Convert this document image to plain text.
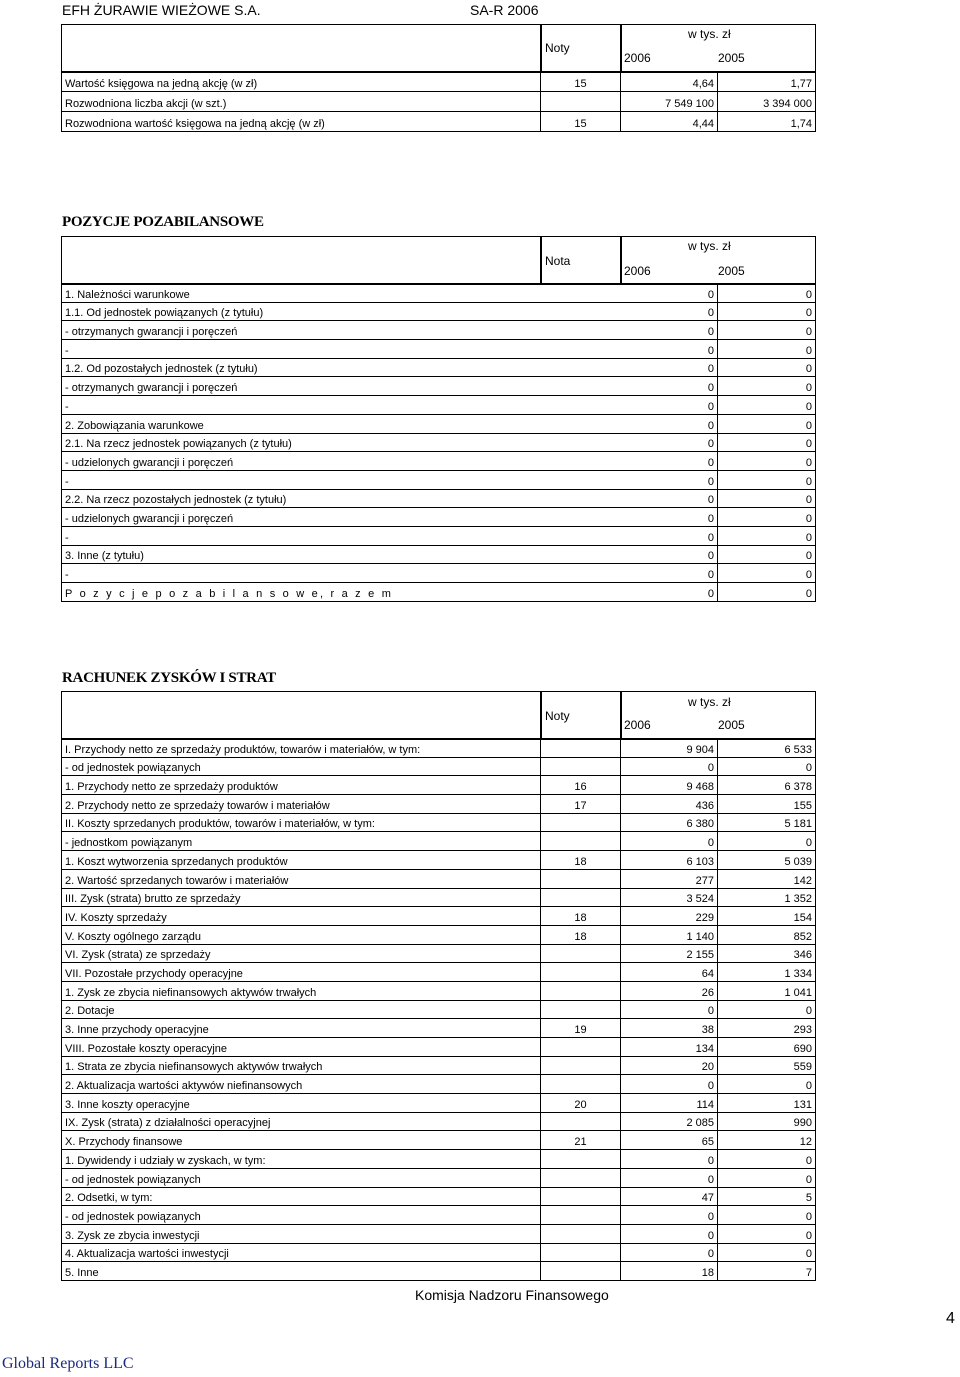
EFH ŻURAWIE WIEŻOWE S.A.	SA-R 2006
Noty
w tys. zł
2006	2005
Wartość księgowa na jedną akcję (w zł)	15	4,64	1,77
Rozwodniona liczba akcji (w szt.)		7 549 100	3 394 000
Rozwodniona wartość księgowa na jedną akcję (w zł)	15	4,44	1,74
POZYCJE POZABILANSOWE
Nota
w tys. zł
2006	2005
1. Należności warunkowe 0	0
1.1. Od jednostek powiązanych (z tytułu) 0	0
- otrzymanych gwarancji i poręczeń 0	0
- 0	0
1.2. Od pozostałych jednostek (z tytułu) 0	0
- otrzymanych gwarancji i poręczeń 0	0
- 0	0
2. Zobowiązania warunkowe 0	0
2.1. Na rzecz jednostek powiązanych (z tytułu) 0	0
- udzielonych gwarancji i poręczeń 0	0
- 0	0
2.2. Na rzecz pozostałych jednostek (z tytułu) 0	0
- udzielonych gwarancji i poręczeń 0	0
- 0	0
3. Inne (z tytułu) 0	0
- 0	0
P o z y c j e p o z a b i l a n s o w e, r a z e m 0	0
RACHUNEK ZYSKÓW I STRAT
Noty
w tys. zł
2006	2005
I. Przychody netto ze sprzedaży produktów, towarów i materiałów, w tym:		9 904	6 533
- od jednostek powiązanych		0	0
1. Przychody netto ze sprzedaży produktów	16	9 468	6 378
2. Przychody netto ze sprzedaży towarów i materiałów	17	436	155
II. Koszty sprzedanych produktów, towarów i materiałów, w tym:		6 380	5 181
- jednostkom powiązanym		0	0
1. Koszt wytworzenia sprzedanych produktów	18	6 103	5 039
2. Wartość sprzedanych towarów i materiałów		277	142
III. Zysk (strata) brutto ze sprzedaży		3 524	1 352
IV. Koszty sprzedaży	18	229	154
V. Koszty ogólnego zarządu	18	1 140	852
VI. Zysk (strata) ze sprzedaży		2 155	346
VII. Pozostałe przychody operacyjne		64	1 334
1. Zysk ze zbycia niefinansowych aktywów trwałych		26	1 041
2. Dotacje		0	0
3. Inne przychody operacyjne	19	38	293
VIII. Pozostałe koszty operacyjne		134	690
1. Strata ze zbycia niefinansowych aktywów trwałych		20	559
2. Aktualizacja wartości aktywów niefinansowych		0	0
3. Inne koszty operacyjne	20	114	131
IX. Zysk (strata) z działalności operacyjnej		2 085	990
X. Przychody finansowe	21	65	12
1. Dywidendy i udziały w zyskach, w tym:		0	0
- od jednostek powiązanych		0	0
2. Odsetki, w tym:		47	5
- od jednostek powiązanych		0	0
3. Zysk ze zbycia inwestycji		0	0
4. Aktualizacja wartości inwestycji		0	0
5. Inne		18	7
Komisja Nadzoru Finansowego
4
Global Reports LLC
